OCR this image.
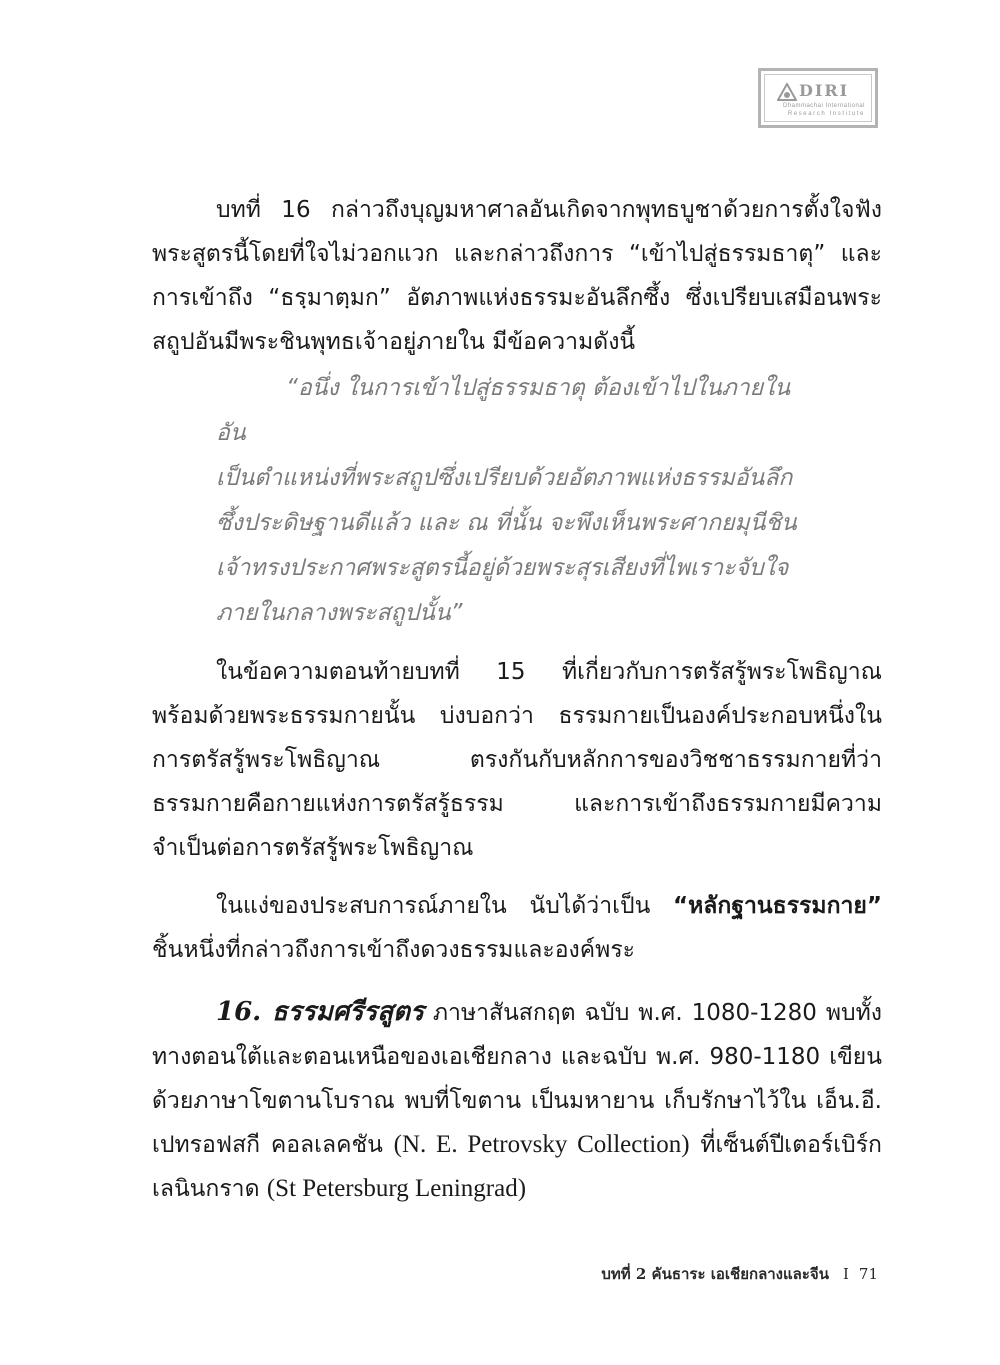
DIRI
Dhammachai International
Research Institute

บทที่ 16 กล่าวถึงบุญมหาศาลอันเกิดจากพุทธบูชาด้วยการตั้งใจฟังพระสูตรนี้โดยที่ใจไม่วอกแวก และกล่าวถึงการ “เข้าไปสู่ธรรมธาตุ” และการเข้าถึง “ธรฺมาตฺมก” อัตภาพแห่งธรรมะอันลึกซึ้ง ซึ่งเปรียบเสมือนพระสถูปอันมีพระชินพุทธเจ้าอยู่ภายใน มีข้อความดังนี้

“อนึ่ง ในการเข้าไปสู่ธรรมธาตุ ต้องเข้าไปในภายใน อัน
เป็นตำแหน่งที่พระสถูปซึ่งเปรียบด้วยอัตภาพแห่งธรรมอันลึกซึ้งประดิษฐานดีแล้ว และ ณ ที่นั้น จะพึงเห็นพระศากยมุนีชินเจ้าทรงประกาศพระสูตรนี้อยู่ด้วยพระสุรเสียงที่ไพเราะจับใจภายในกลางพระสถูปนั้น”

ในข้อความตอนท้ายบทที่ 15 ที่เกี่ยวกับการตรัสรู้พระโพธิญาณ พร้อมด้วยพระธรรมกายนั้น บ่งบอกว่า ธรรมกายเป็นองค์ประกอบหนึ่งในการตรัสรู้พระโพธิญาณ ตรงกันกับหลักการของวิชชาธรรมกายที่ว่า ธรรมกายคือกายแห่งการตรัสรู้ธรรม และการเข้าถึงธรรมกายมีความจำเป็นต่อการตรัสรู้พระโพธิญาณ

ในแง่ของประสบการณ์ภายใน นับได้ว่าเป็น “หลักฐานธรรมกาย” ชิ้นหนึ่งที่กล่าวถึงการเข้าถึงดวงธรรมและองค์พระ

16. ธรรมศรีรสูตร ภาษาสันสกฤต ฉบับ พ.ศ. 1080-1280 พบทั้งทางตอนใต้และตอนเหนือของเอเชียกลาง และฉบับ พ.ศ. 980-1180 เขียนด้วยภาษาโขตานโบราณ พบที่โขตาน เป็นมหายาน เก็บรักษาไว้ใน เอ็น.อี. เปทรอฟสกี คอลเลคชัน (N. E. Petrovsky Collection) ที่เซ็นต์ปีเตอร์เบิร์ก เลนินกราด (St Petersburg Leningrad)

บทที่ 2 คันธาระ เอเชียกลางและจีน I 71
